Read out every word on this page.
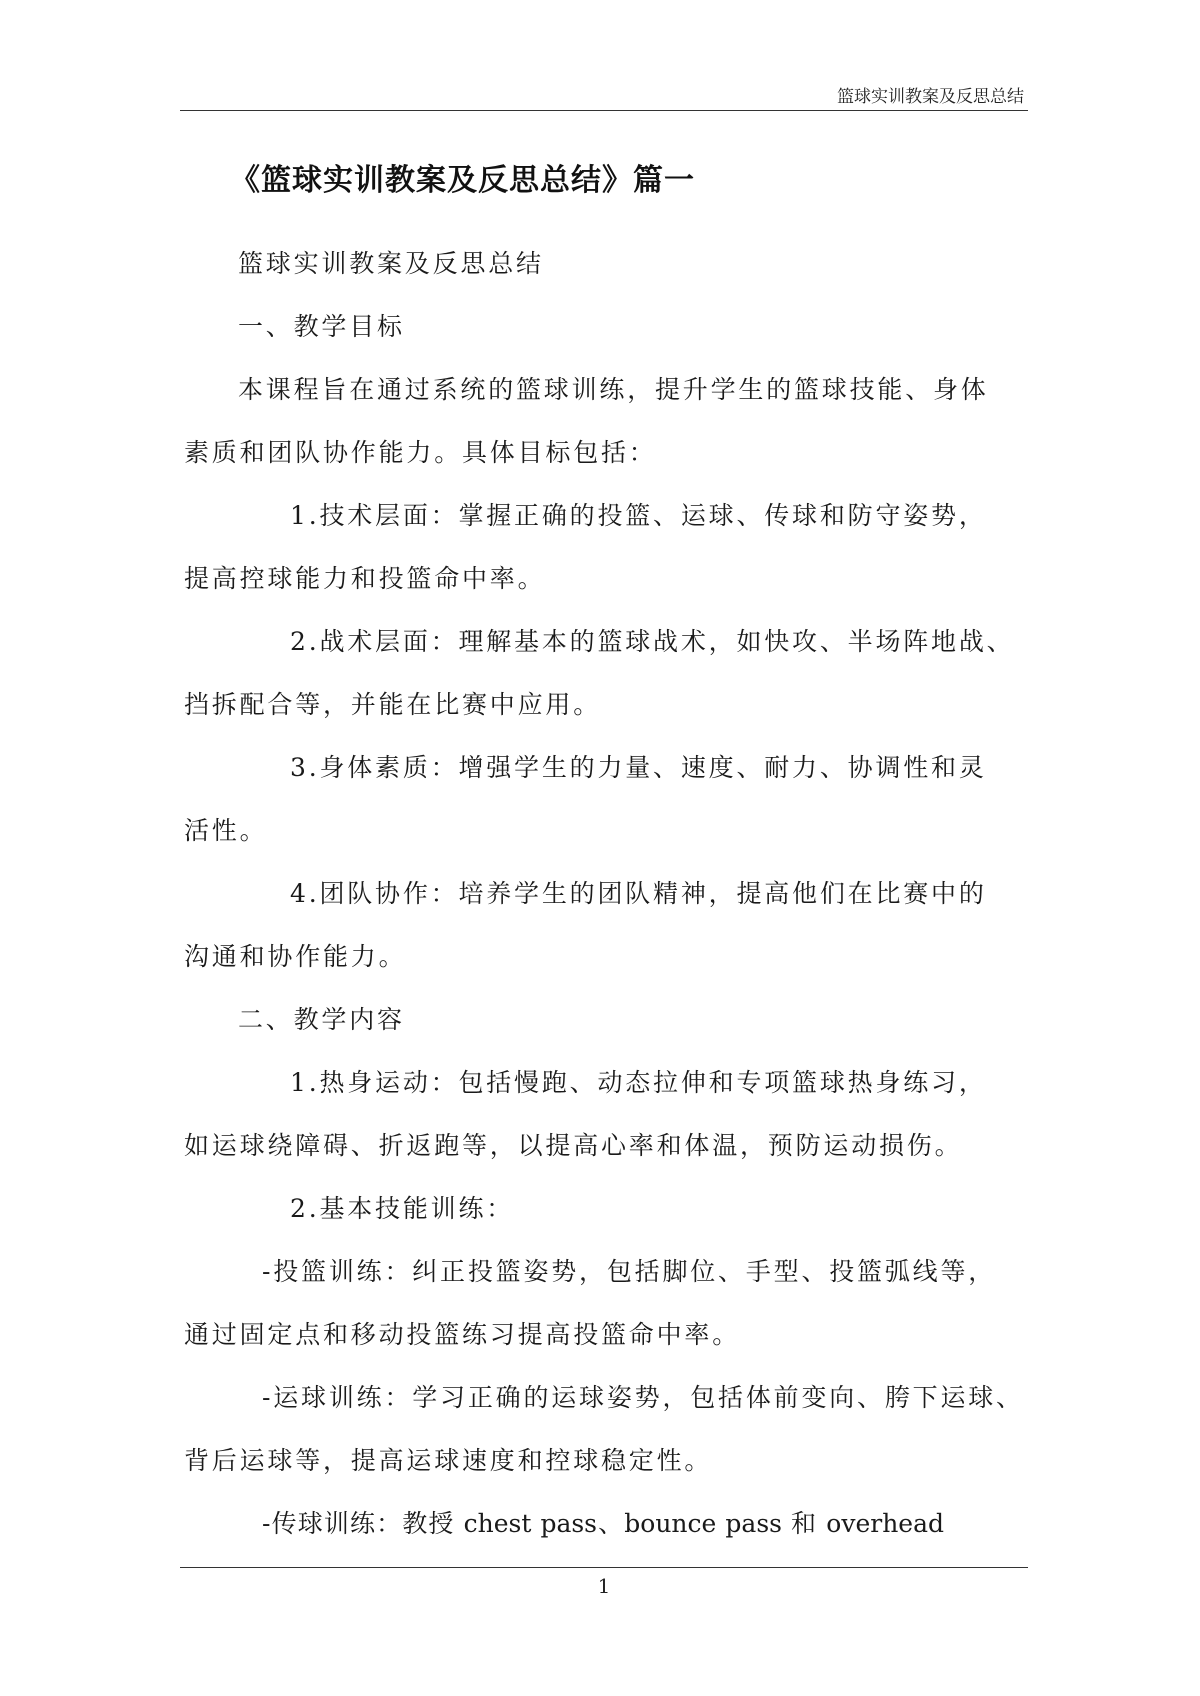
篮球实训教案及反思总结
《篮球实训教案及反思总结》篇一
篮球实训教案及反思总结
一、教学目标
本课程旨在通过系统的篮球训练，提升学生的篮球技能、身体
素质和团队协作能力。具体目标包括：
1.技术层面：掌握正确的投篮、运球、传球和防守姿势，
提高控球能力和投篮命中率。
2.战术层面：理解基本的篮球战术，如快攻、半场阵地战、
挡拆配合等，并能在比赛中应用。
3.身体素质：增强学生的力量、速度、耐力、协调性和灵
活性。
4.团队协作：培养学生的团队精神，提高他们在比赛中的
沟通和协作能力。
二、教学内容
1.热身运动：包括慢跑、动态拉伸和专项篮球热身练习，
如运球绕障碍、折返跑等，以提高心率和体温，预防运动损伤。
2.基本技能训练：
-投篮训练：纠正投篮姿势，包括脚位、手型、投篮弧线等，
通过固定点和移动投篮练习提高投篮命中率。
-运球训练：学习正确的运球姿势，包括体前变向、胯下运球、
背后运球等，提高运球速度和控球稳定性。
-传球训练：教授 chest pass、bounce pass 和 overhead
1
